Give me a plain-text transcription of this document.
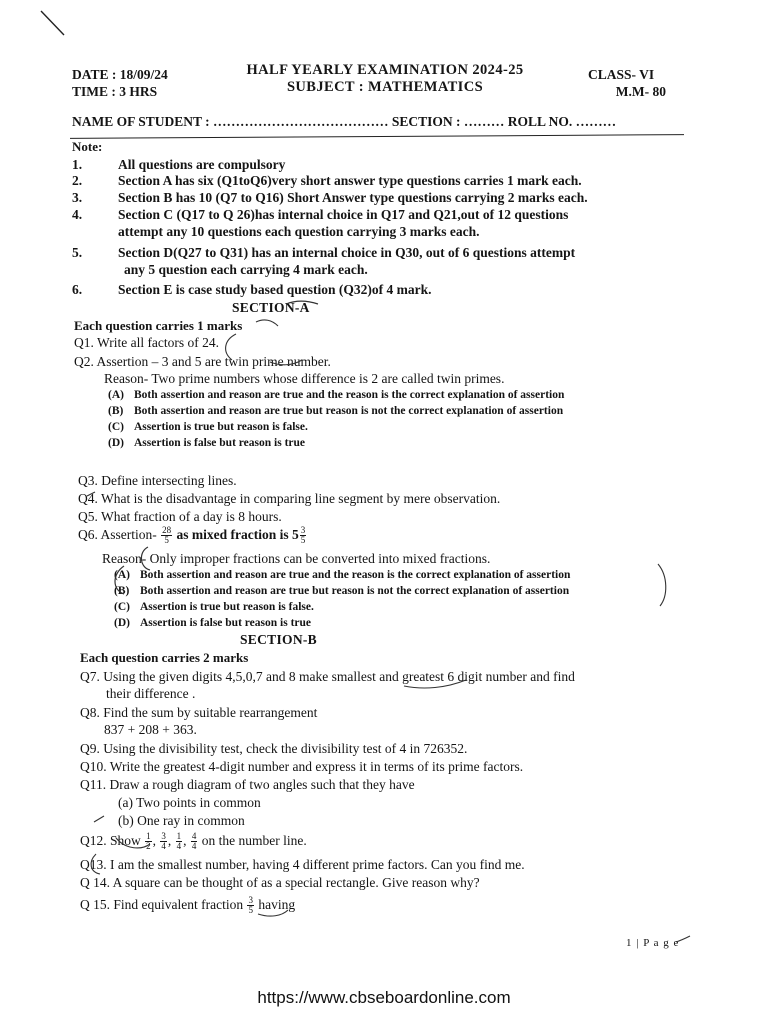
DATE : 18/09/24
TIME : 3 HRS
HALF YEARLY EXAMINATION 2024-25
SUBJECT : MATHEMATICS
CLASS- VI
M.M- 80
NAME OF STUDENT : ………………………………… SECTION : ……… ROLL NO. ………
Note:
1.	All questions are compulsory
2.	Section A has six (Q1toQ6)very short answer type questions carries 1 mark each.
3.	Section B has 10 (Q7 to Q16) Short Answer type questions carrying 2 marks each.
4.	Section C (Q17 to Q 26)has internal choice in Q17 and Q21,out of 12 questions
attempt any 10 questions each question carrying 3 marks each.
5.	Section D(Q27 to Q31) has an internal choice in Q30, out of 6 questions attempt
any 5 question each carrying 4 mark each.
6.	Section E is case study based question (Q32)of 4 mark.
SECTION-A
Each question carries 1 marks
Q1. Write all factors of 24.
Q2. Assertion – 3 and 5 are twin prime number.
Reason- Two prime numbers whose difference is 2 are called twin primes.
(A) Both assertion and reason are true and the reason is the correct explanation of assertion
(B) Both assertion and reason are true but reason is not the correct explanation of assertion
(C) Assertion is true but reason is false.
(D) Assertion is false but reason is true
Q3. Define intersecting lines.
Q4. What is the disadvantage in comparing line segment by mere observation.
Q5. What fraction of a day is 8 hours.
Q6. Assertion- $\frac{28}{5}$ as mixed fraction is $5 \frac{3}{5}$
Reason- Only improper fractions can be converted into mixed fractions.
(A) Both assertion and reason are true and the reason is the correct explanation of assertion
(B) Both assertion and reason are true but reason is not the correct explanation of assertion
(C) Assertion is true but reason is false.
(D) Assertion is false but reason is true
SECTION-B
Each question carries 2 marks
Q7. Using the given digits 4,5,0,7 and 8 make smallest and greatest 6 digit number and find
their difference .
Q8. Find the sum by suitable rearrangement
837 + 208 + 363.
Q9. Using the divisibility test, check the divisibility test of 4 in 726352.
Q10. Write the greatest 4-digit number and express it in terms of its prime factors.
Q11. Draw a rough diagram of two angles such that they have
(a) Two points in common
(b) One ray in common
Q12. Show $\frac{1}{2}$ , $\frac{3}{4}$ , $\frac{1}{4}$ , $\frac{4}{4}$ on the number line.
Q13. I am the smallest number, having 4 different prime factors. Can you find me.
Q 14. A square can be thought of as a special rectangle. Give reason why?
Q 15. Find equivalent fraction $\frac{3}{5}$ having
1 | P a g e
https://www.cbseboardonline.com
